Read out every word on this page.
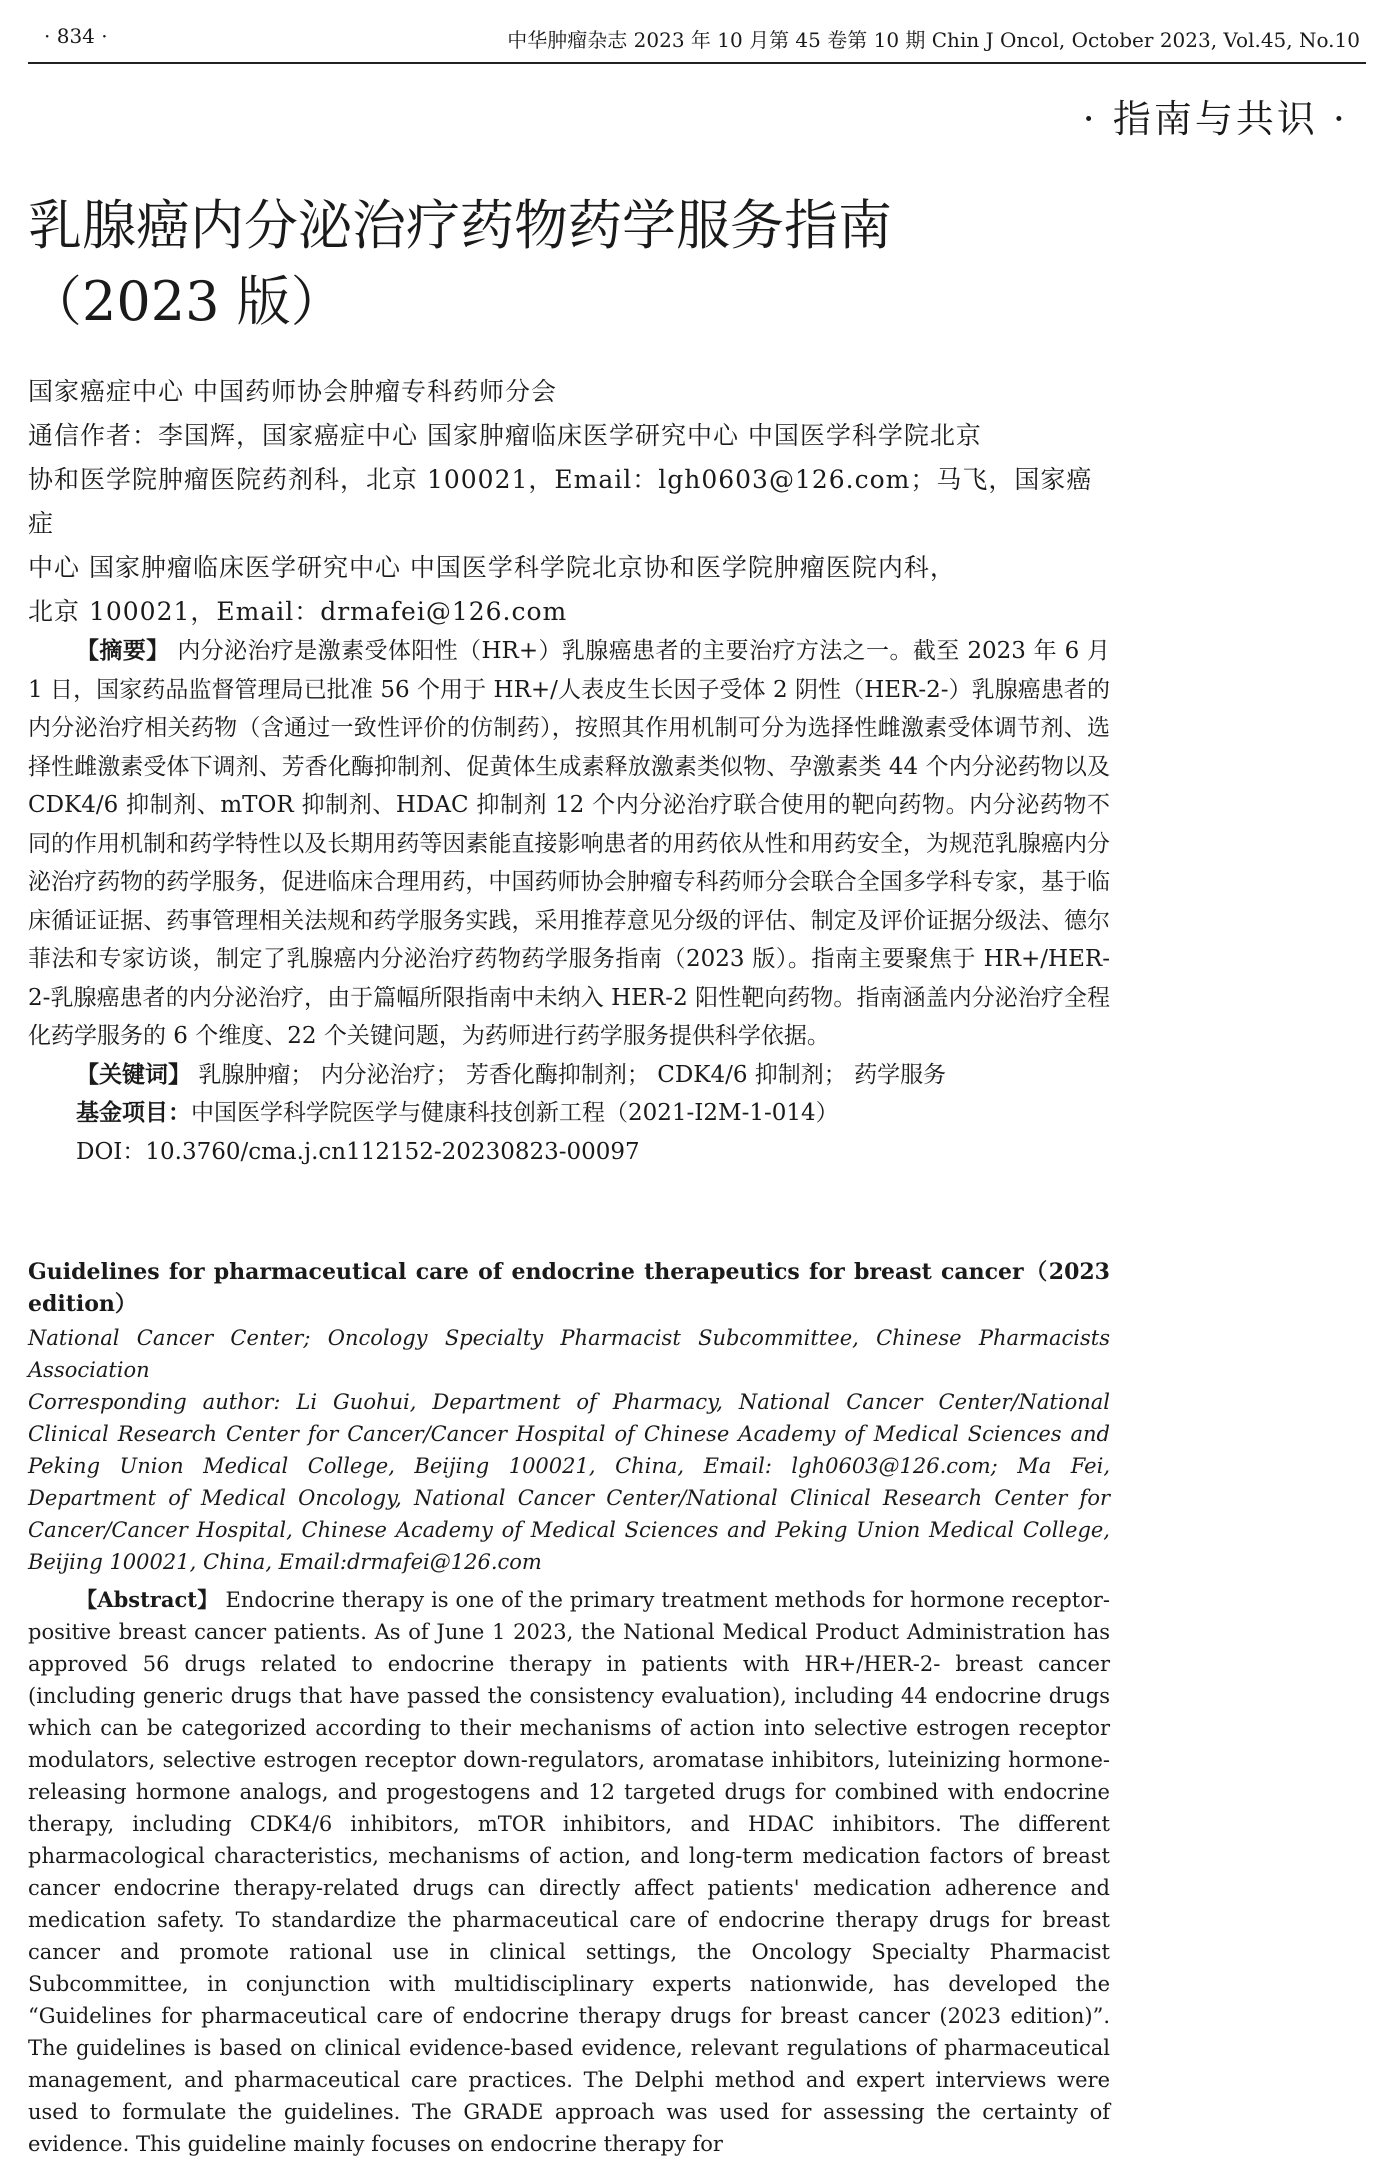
· 834 ·	中华肿瘤杂志 2023 年 10 月第 45 卷第 10 期 Chin J Oncol, October 2023, Vol.45, No.10
· 指南与共识 ·
乳腺癌内分泌治疗药物药学服务指南
（2023 版）

国家癌症中心 中国药师协会肿瘤专科药师分会

通信作者：李国辉，国家癌症中心 国家肿瘤临床医学研究中心 中国医学科学院北京

协和医学院肿瘤医院药剂科，北京 100021，Email：lgh0603@126.com；马飞，国家癌症

中心 国家肿瘤临床医学研究中心 中国医学科学院北京协和医学院肿瘤医院内科，

北京 100021，Email：drmafei@126.com

【摘要】 内分泌治疗是激素受体阳性（HR+）乳腺癌患者的主要治疗方法之一。截至 2023 年 6 月 1 日，国家药品监督管理局已批准 56 个用于 HR+/人表皮生长因子受体 2 阴性（HER-2-）乳腺癌患者的内分泌治疗相关药物（含通过一致性评价的仿制药），按照其作用机制可分为选择性雌激素受体调节剂、选择性雌激素受体下调剂、芳香化酶抑制剂、促黄体生成素释放激素类似物、孕激素类 44 个内分泌药物以及 CDK4/6 抑制剂、mTOR 抑制剂、HDAC 抑制剂 12 个内分泌治疗联合使用的靶向药物。内分泌药物不同的作用机制和药学特性以及长期用药等因素能直接影响患者的用药依从性和用药安全，为规范乳腺癌内分泌治疗药物的药学服务，促进临床合理用药，中国药师协会肿瘤专科药师分会联合全国多学科专家，基于临床循证证据、药事管理相关法规和药学服务实践，采用推荐意见分级的评估、制定及评价证据分级法、德尔菲法和专家访谈，制定了乳腺癌内分泌治疗药物药学服务指南（2023 版）。指南主要聚焦于 HR+/HER-2-乳腺癌患者的内分泌治疗，由于篇幅所限指南中未纳入 HER-2 阳性靶向药物。指南涵盖内分泌治疗全程化药学服务的 6 个维度、22 个关键问题，为药师进行药学服务提供科学依据。

【关键词】 乳腺肿瘤； 内分泌治疗； 芳香化酶抑制剂； CDK4/6 抑制剂； 药学服务

基金项目：中国医学科学院医学与健康科技创新工程（2021-I2M-1-014）

DOI：10.3760/cma.j.cn112152-20230823-00097

Guidelines for pharmaceutical care of endocrine therapeutics for breast cancer（2023 edition）

National Cancer Center; Oncology Specialty Pharmacist Subcommittee, Chinese Pharmacists Association

Corresponding author: Li Guohui, Department of Pharmacy, National Cancer Center/National Clinical Research Center for Cancer/Cancer Hospital of Chinese Academy of Medical Sciences and Peking Union Medical College, Beijing 100021, China, Email: lgh0603@126.com; Ma Fei, Department of Medical Oncology, National Cancer Center/National Clinical Research Center for Cancer/Cancer Hospital, Chinese Academy of Medical Sciences and Peking Union Medical College, Beijing 100021, China, Email:drmafei@126.com

【Abstract】 Endocrine therapy is one of the primary treatment methods for hormone receptor-positive breast cancer patients. As of June 1 2023, the National Medical Product Administration has approved 56 drugs related to endocrine therapy in patients with HR+/HER-2- breast cancer (including generic drugs that have passed the consistency evaluation), including 44 endocrine drugs which can be categorized according to their mechanisms of action into selective estrogen receptor modulators, selective estrogen receptor down-regulators, aromatase inhibitors, luteinizing hormone-releasing hormone analogs, and progestogens and 12 targeted drugs for combined with endocrine therapy, including CDK4/6 inhibitors, mTOR inhibitors, and HDAC inhibitors. The different pharmacological characteristics, mechanisms of action, and long-term medication factors of breast cancer endocrine therapy-related drugs can directly affect patients' medication adherence and medication safety. To standardize the pharmaceutical care of endocrine therapy drugs for breast cancer and promote rational use in clinical settings, the Oncology Specialty Pharmacist Subcommittee, in conjunction with multidisciplinary experts nationwide, has developed the “Guidelines for pharmaceutical care of endocrine therapy drugs for breast cancer (2023 edition)”. The guidelines is based on clinical evidence-based evidence, relevant regulations of pharmaceutical management, and pharmaceutical care practices. The Delphi method and expert interviews were used to formulate the guidelines. The GRADE approach was used for assessing the certainty of evidence. This guideline mainly focuses on endocrine therapy for
